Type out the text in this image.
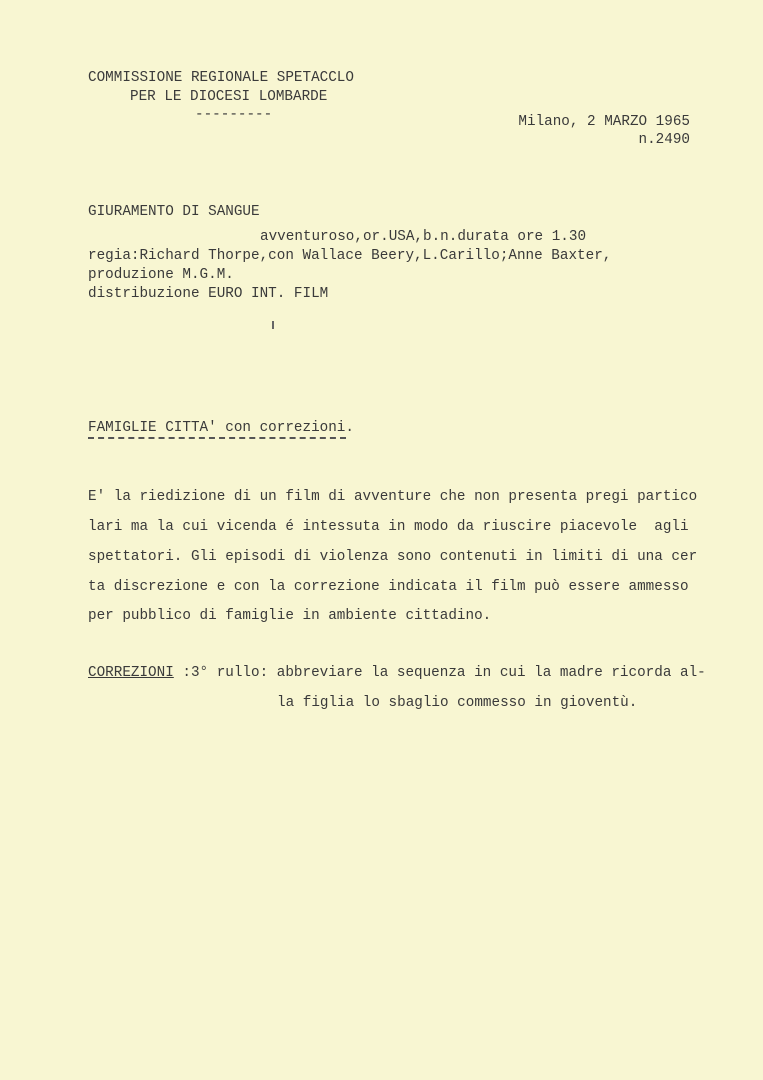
COMMISSIONE REGIONALE SPETACCLO
PER LE DIOCESI LOMBARDE
---------	Milano, 2 MARZO 1965
n.2490
GIURAMENTO DI SANGUE
avventuroso,or.USA,b.n.durata ore 1.30
regia:Richard Thorpe,con Wallace Beery,L.Carillo;Anne Baxter,
produzione M.G.M.
distribuzione EURO INT. FILM
FAMIGLIE CITTA' con correzioni.
E' la riedizione di un film di avventure che non presenta pregi partico
lari ma la cui vicenda é intessuta in modo da riuscire piacevole  agli
spettatori. Gli episodi di violenza sono contenuti in limiti di una cer
ta discrezione e con la correzione indicata il film può essere ammesso
per pubblico di famiglie in ambiente cittadino.
CORREZIONI :3° rullo: abbreviare la sequenza in cui la madre ricorda al-
la figlia lo sbaglio commesso in gioventù.
